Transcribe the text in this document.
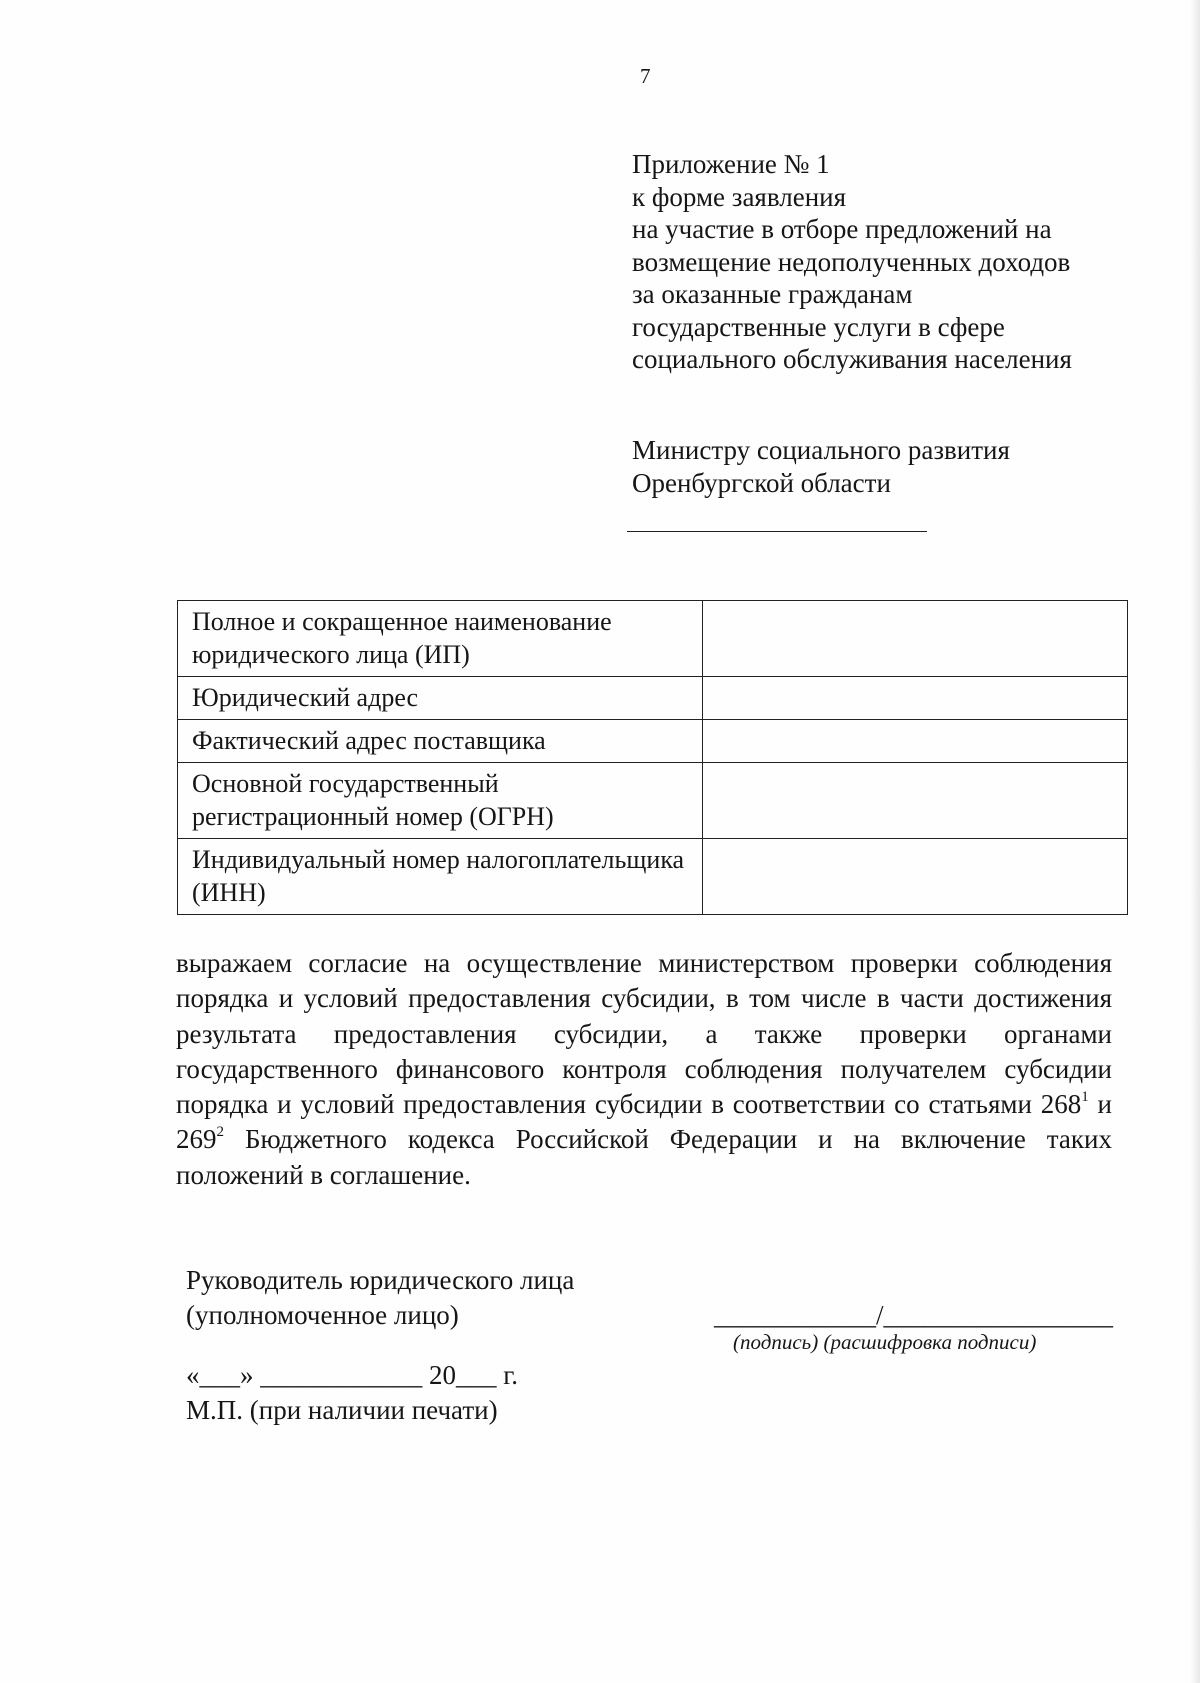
7
Приложение № 1
к форме заявления
на участие в отборе предложений на
возмещение недополученных доходов
за оказанные гражданам
государственные услуги в сфере
социального обслуживания населения
Министру социального развития
Оренбургской области
Полное и сокращенное наименование юридического лица (ИП)	
Юридический адрес	
Фактический адрес поставщика	
Основной государственный регистрационный номер (ОГРН)	
Индивидуальный номер налогоплательщика (ИНН)	
выражаем согласие на осуществление министерством проверки соблюдения порядка и условий предоставления субсидии, в том числе в части достижения результата предоставления субсидии, а также проверки органами государственного финансового контроля соблюдения получателем субсидии порядка и условий предоставления субсидии в соответствии со статьями $268^1$ и $269^2$ Бюджетного кодекса Российской Федерации и на включение таких положений в соглашение.
Руководитель юридического лица
(уполномоченное лицо)	____________/_________________
(подпись) (расшифровка подписи)
«___» ____________ 20___ г.
М.П. (при наличии печати)
